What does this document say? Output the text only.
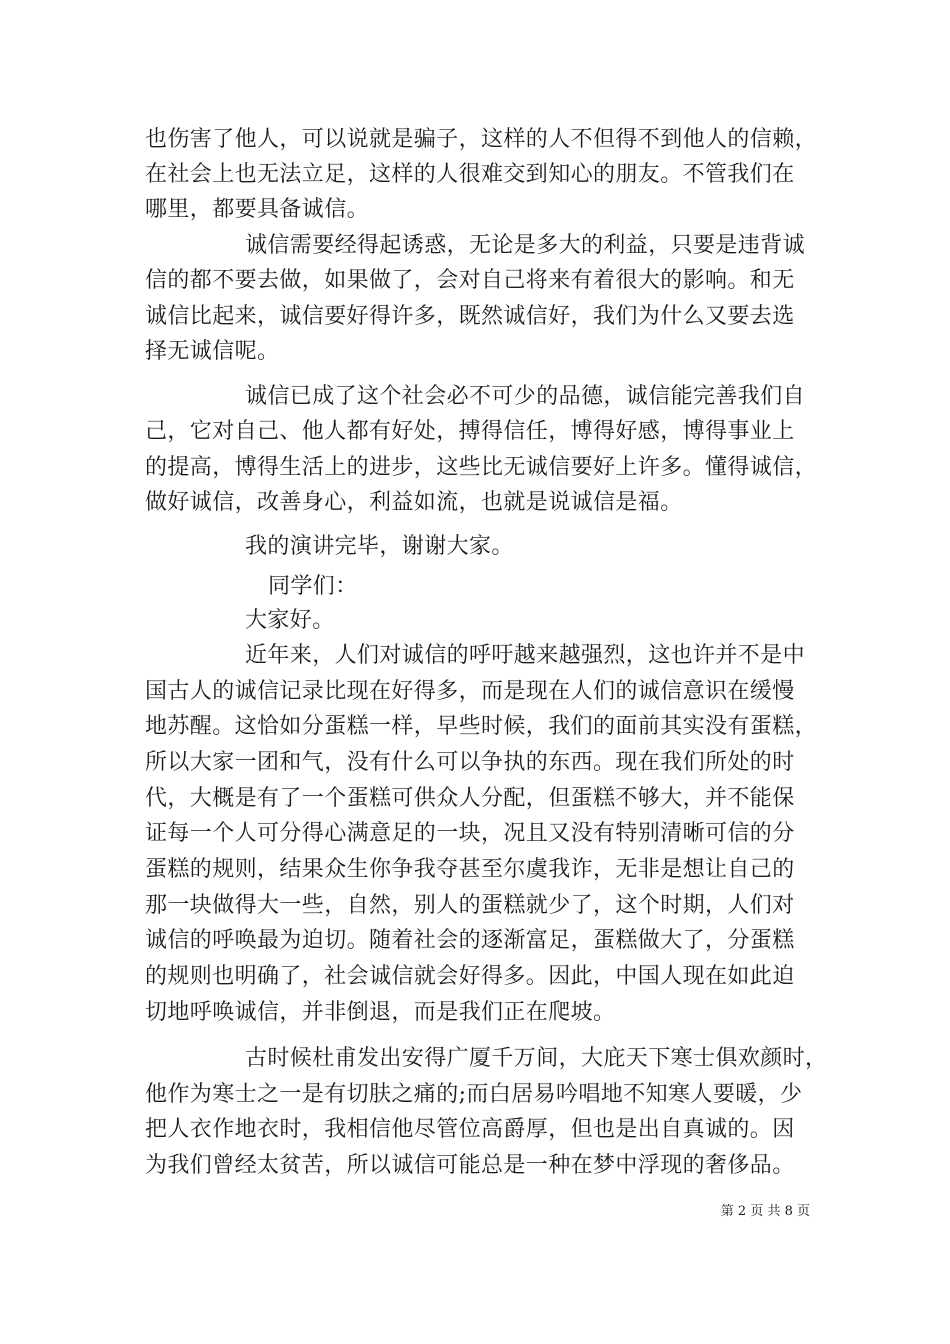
也伤害了他人，可以说就是骗子，这样的人不但得不到他人的信赖，
在社会上也无法立足，这样的人很难交到知心的朋友。不管我们在
哪里，都要具备诚信。
诚信需要经得起诱惑，无论是多大的利益，只要是违背诚
信的都不要去做，如果做了，会对自己将来有着很大的影响。和无
诚信比起来，诚信要好得许多，既然诚信好，我们为什么又要去选
择无诚信呢。
诚信已成了这个社会必不可少的品德，诚信能完善我们自
己，它对自己、他人都有好处，搏得信任，博得好感，博得事业上
的提高，博得生活上的进步，这些比无诚信要好上许多。懂得诚信，
做好诚信，改善身心，利益如流，也就是说诚信是福。
我的演讲完毕，谢谢大家。
同学们：
大家好。
近年来，人们对诚信的呼吁越来越强烈，这也许并不是中
国古人的诚信记录比现在好得多，而是现在人们的诚信意识在缓慢
地苏醒。这恰如分蛋糕一样，早些时候，我们的面前其实没有蛋糕，
所以大家一团和气，没有什么可以争执的东西。现在我们所处的时
代，大概是有了一个蛋糕可供众人分配，但蛋糕不够大，并不能保
证每一个人可分得心满意足的一块，况且又没有特别清晰可信的分
蛋糕的规则，结果众生你争我夺甚至尔虞我诈，无非是想让自己的
那一块做得大一些，自然，别人的蛋糕就少了，这个时期，人们对
诚信的呼唤最为迫切。随着社会的逐渐富足，蛋糕做大了，分蛋糕
的规则也明确了，社会诚信就会好得多。因此，中国人现在如此迫
切地呼唤诚信，并非倒退，而是我们正在爬坡。
古时候杜甫发出安得广厦千万间，大庇天下寒士俱欢颜时，
他作为寒士之一是有切肤之痛的;而白居易吟唱地不知寒人要暖，少
把人衣作地衣时，我相信他尽管位高爵厚，但也是出自真诚的。因
为我们曾经太贫苦，所以诚信可能总是一种在梦中浮现的奢侈品。
第 2 页 共 8 页
